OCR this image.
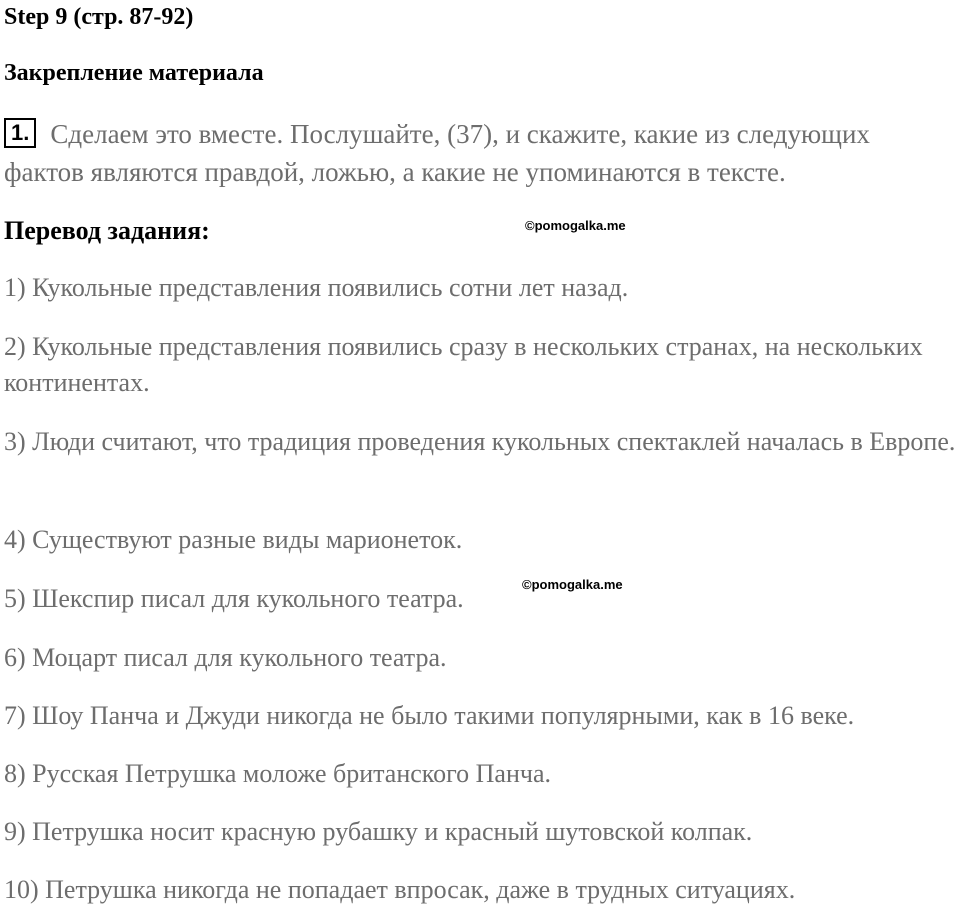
Step 9 (стр. 87-92)
Закрепление материала
1. Сделаем это вместе. Послушайте, (37), и скажите, какие из следующих фактов являются правдой, ложью, а какие не упоминаются в тексте.
Перевод задания:	©pomogalka.me
©pomogalka.me
1) Кукольные представления появились сотни лет назад.
2) Кукольные представления появились сразу в нескольких странах, на нескольких континентах.
3) Люди считают, что традиция проведения кукольных спектаклей началась в Европе.
4) Существуют разные виды марионеток.
5) Шекспир писал для кукольного театра.
6) Моцарт писал для кукольного театра.
7) Шоу Панча и Джуди никогда не было такими популярными, как в 16 веке.
8) Русская Петрушка моложе британского Панча.
9) Петрушка носит красную рубашку и красный шутовской колпак.
10) Петрушка никогда не попадает впросак, даже в трудных ситуациях.
